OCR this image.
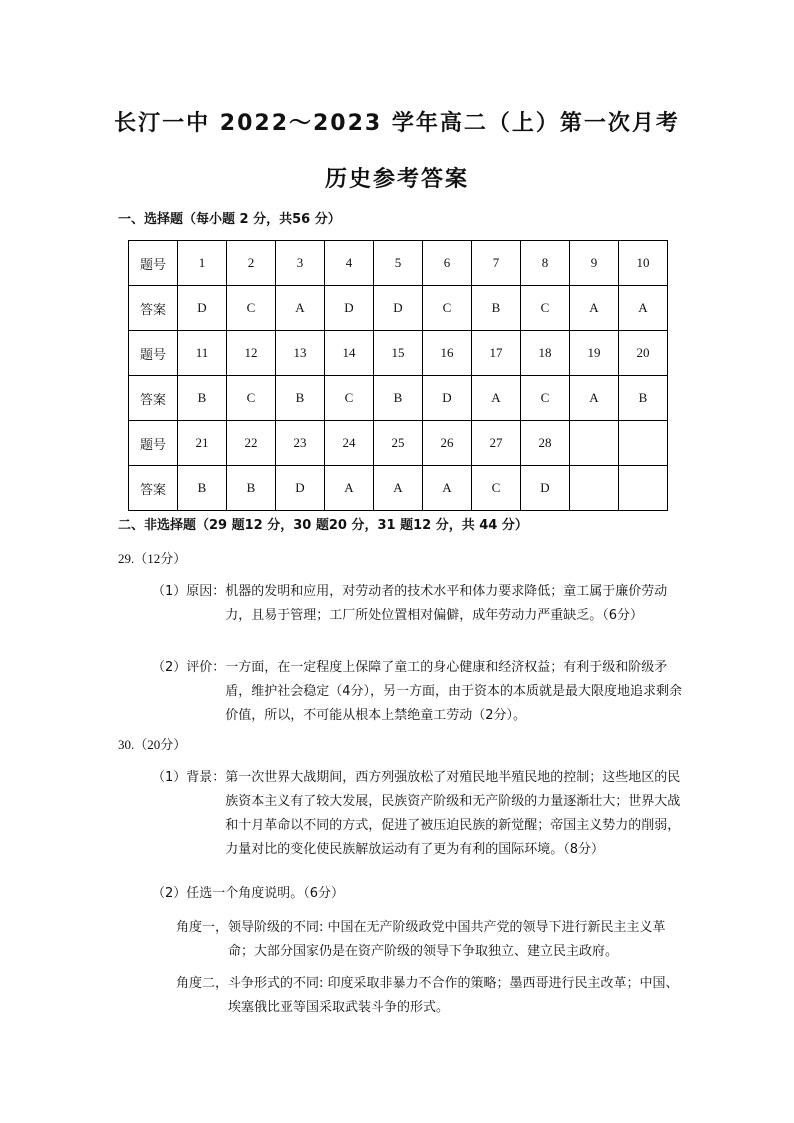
长汀一中 2022～2023 学年高二（上）第一次月考
历史参考答案
一、选择题（每小题 2 分，共56 分）
题号	1	2	3	4	5	6	7	8	9	10
答案	D	C	A	D	D	C	B	C	A	A
题号	11	12	13	14	15	16	17	18	19	20
答案	B	C	B	C	B	D	A	C	A	B
题号	21	22	23	24	25	26	27	28		
答案	B	B	D	A	A	A	C	D		
二、非选择题（29 题12 分，30 题20 分，31 题12 分，共 44 分）
29.（12分）
（1）原因： 机器的发明和应用，对劳动者的技术水平和体力要求降低；童工属于廉价劳动力，且易于管理；工厂所处位置相对偏僻，成年劳动力严重缺乏。（6分）
（2）评价： 一方面，在一定程度上保障了童工的身心健康和经济权益；有利于级和阶级矛盾，维护社会稳定（4分），另一方面，由于资本的本质就是最大限度地追求剩余价值，所以，不可能从根本上禁绝童工劳动（2分）。
30.（20分）
（1）背景： 第一次世界大战期间，西方列强放松了对殖民地半殖民地的控制；这些地区的民族资本主义有了较大发展，民族资产阶级和无产阶级的力量逐渐壮大；世界大战和十月革命以不同的方式，促进了被压迫民族的新觉醒；帝国主义势力的削弱，力量对比的变化使民族解放运动有了更为有利的国际环境。（8分）
（2）任选一个角度说明。（6分）
角度一， 领导阶级的不同: 中国在无产阶级政党中国共产党的领导下进行新民主主义革命；大部分国家仍是在资产阶级的领导下争取独立、建立民主政府。
角度二， 斗争形式的不同: 印度采取非暴力不合作的策略；墨西哥进行民主改革；中国、埃塞俄比亚等国采取武装斗争的形式。
